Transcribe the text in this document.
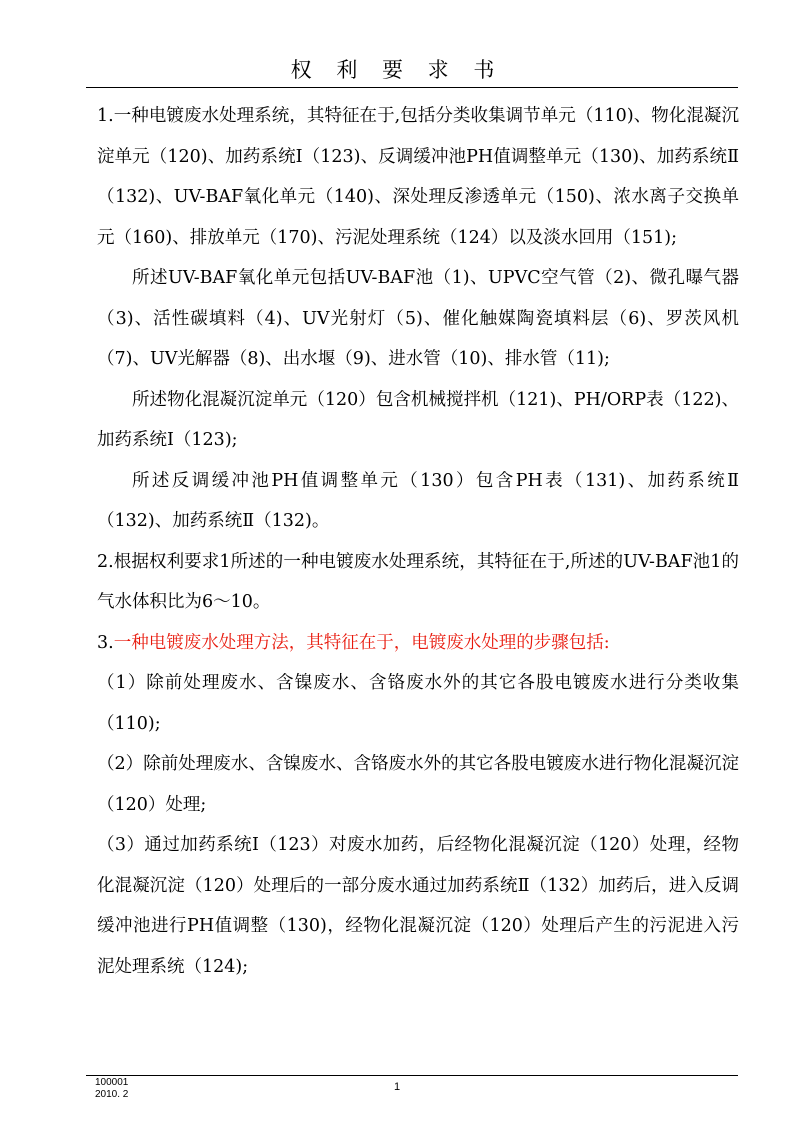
权 利 要 求 书

1.一种电镀废水处理系统，其特征在于,包括分类收集调节单元（110)、物化混凝沉淀单元（120)、加药系统Ⅰ（123)、反调缓冲池PH值调整单元（130)、加药系统Ⅱ（132)、UV-BAF氧化单元（140)、深处理反渗透单元（150)、浓水离子交换单元（160)、排放单元（170)、污泥处理系统（124）以及淡水回用（151);

所述UV-BAF氧化单元包括UV-BAF池（1)、UPVC空气管（2)、微孔曝气器（3)、活性碳填料（4)、UV光射灯（5)、催化触媒陶瓷填料层（6)、罗茨风机（7)、UV光解器（8)、出水堰（9)、进水管（10)、排水管（11);

所述物化混凝沉淀单元（120）包含机械搅拌机（121)、PH/ORP表（122)、加药系统Ⅰ（123);

所述反调缓冲池PH值调整单元（130）包含PH表（131)、加药系统Ⅱ（132)、加药系统Ⅱ（132)。

2.根据权利要求1所述的一种电镀废水处理系统，其特征在于,所述的UV-BAF池1的气水体积比为6～10。

3.一种电镀废水处理方法，其特征在于，电镀废水处理的步骤包括:

（1）除前处理废水、含镍废水、含铬废水外的其它各股电镀废水进行分类收集（110);

（2）除前处理废水、含镍废水、含铬废水外的其它各股电镀废水进行物化混凝沉淀（120）处理;

（3）通过加药系统Ⅰ（123）对废水加药，后经物化混凝沉淀（120）处理，经物化混凝沉淀（120）处理后的一部分废水通过加药系统Ⅱ（132）加药后，进入反调缓冲池进行PH值调整（130)，经物化混凝沉淀（120）处理后产生的污泥进入污泥处理系统（124);

100001
2010. 2
1
